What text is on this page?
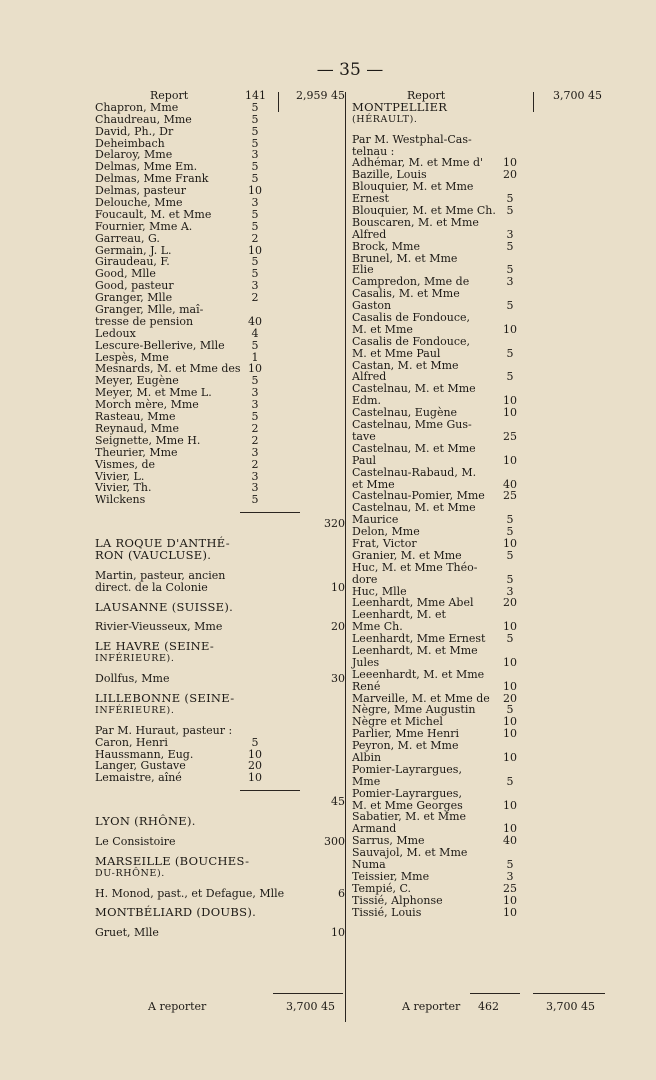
— 35 —
Report	141	2,959 45
Chapron, Mme	5
Chaudreau, Mme	5
David, Ph., Dr	5
Deheimbach	5
Delaroy, Mme	3
Delmas, Mme Em.	5
Delmas, Mme Frank	5
Delmas, pasteur	10
Delouche, Mme	3
Foucault, M. et Mme	5
Fournier, Mme A.	5
Garreau, G.	2
Germain, J. L.	10
Giraudeau, F.	5
Good, Mlle	5
Good, pasteur	3
Granger, Mlle	2
Granger, Mlle, maî-
tresse de pension	40
Ledoux	4
Lescure-Bellerive, Mlle	5
Lespès, Mme	1
Mesnards, M. et Mme des 10
Meyer, Eugène	5
Meyer, M. et Mme L.	3
Morch mère, Mme	3
Rasteau, Mme	5
Reynaud, Mme	2
Seignette, Mme H.	2
Theurier, Mme	3
Vismes, de	2
Vivier, L.	3
Vivier, Th.	3
Wilckens	5
320
LA ROQUE D'ANTHÉ-
RON (VAUCLUSE).
Martin, pasteur, ancien
direct. de la Colonie	10
LAUSANNE (SUISSE).
Rivier-Vieusseux, Mme	20
LE HAVRE (SEINE-
INFÉRIEURE).
Dollfus, Mme	30
LILLEBONNE (SEINE-
INFÉRIEURE).
Par M. Huraut, pasteur :
Caron, Henri	5
Haussmann, Eug.	10
Langer, Gustave	20
Lemaistre, aîné	10
45
LYON (RHÔNE).
Le Consistoire	300
MARSEILLE (BOUCHES-
DU-RHÔNE).
H. Monod, past., et Defague, Mlle	6
MONTBÉLIARD (DOUBS).
Gruet, Mlle	10
Report	3,700 45
MONTPELLIER
(HÉRAULT).
Par M. Westphal-Cas-
telnau :
Adhémar, M. et Mme d' 10
Bazille, Louis	20
Blouquier, M. et Mme
Ernest	5
Blouquier, M. et Mme Ch. 5
Bouscaren, M. et Mme
Alfred	3
Brock, Mme	5
Brunel, M. et Mme
Elie	5
Campredon, Mme de	3
Casalis, M. et Mme
Gaston	5
Casalis de Fondouce,
M. et Mme	10
Casalis de Fondouce,
M. et Mme Paul	5
Castan, M. et Mme
Alfred	5
Castelnau, M. et Mme
Edm.	10
Castelnau, Eugène	10
Castelnau, Mme Gus-
tave	25
Castelnau, M. et Mme
Paul	10
Castelnau-Rabaud, M.
et Mme	40
Castelnau-Pomier, Mme 25
Castelnau, M. et Mme
Maurice	5
Delon, Mme	5
Frat, Victor	10
Granier, M. et Mme	5
Huc, M. et Mme Théo-
dore	5
Huc, Mlle	3
Leenhardt, Mme Abel	20
Leenhardt, M. et
Mme Ch.	10
Leenhardt, Mme Ernest	5
Leenhardt, M. et Mme
Jules	10
Leeenhardt, M. et Mme
René	10
Marveille, M. et Mme de 20
Nègre, Mme Augustin	5
Nègre et Michel	10
Parlier, Mme Henri	10
Peyron, M. et Mme
Albin	10
Pomier-Layrargues,
Mme	5
Pomier-Layrargues,
M. et Mme Georges	10
Sabatier, M. et Mme
Armand	10
Sarrus, Mme	40
Sauvajol, M. et Mme
Numa	5
Teissier, Mme	3
Tempié, C.	25
Tissié, Alphonse	10
Tissié, Louis	10
A reporter	3,700 45	A reporter 462	3,700 45
